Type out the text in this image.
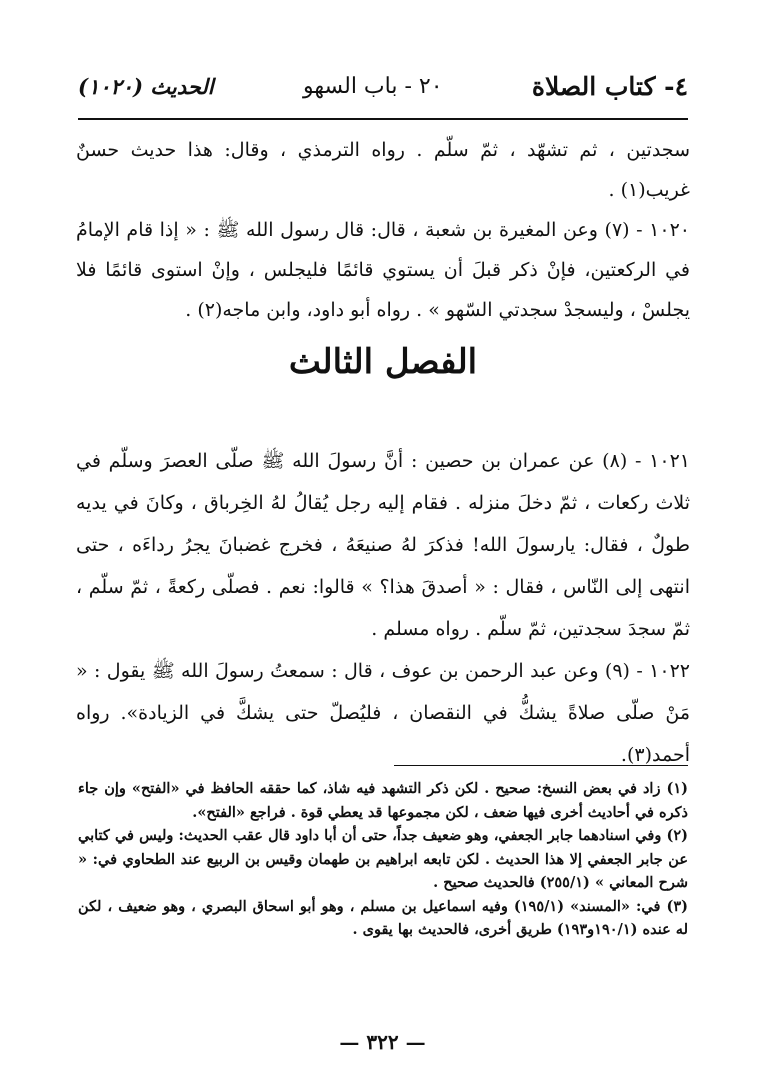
٤- كتاب الصلاة
٢٠ - باب السهو
الحديث (١٠٢٠)

سجدتين ، ثم تشهّد ، ثمّ سلّم . رواه الترمذي ، وقال: هذا حديث حسنٌ غريب(١) .

١٠٢٠ - (٧) وعن المغيرة بن شعبة ، قال: قال رسول الله ﷺ : « إذا قام الإمامُ في الركعتين، فإنْ ذكر قبلَ أن يستوي قائمًا فليجلس ، وإنْ استوى قائمًا فلا يجلسْ ، وليسجدْ سجدتي السّهو » . رواه أبو داود، وابن ماجه(٢) .

الفصل الثالث

١٠٢١ - (٨) عن عمران بن حصين : أنَّ رسولَ الله ﷺ صلّى العصرَ وسلّم في ثلاث ركعات ، ثمّ دخلَ منزله . فقام إليه رجل يُقالُ لهُ الخِرباق ، وكانَ في يديه طولٌ ، فقال: يارسولَ الله! فذكرَ لهُ صنيعَهُ ، فخرج غضبانَ يجرُ رداءَه ، حتى انتهى إلى النّاس ، فقال : « أصدقَ هذا؟ » قالوا: نعم . فصلّى ركعةً ، ثمّ سلّم ، ثمّ سجدَ سجدتين، ثمّ سلّم . رواه مسلم .

١٠٢٢ - (٩) وعن عبد الرحمن بن عوف ، قال : سمعتُ رسولَ الله ﷺ يقول : « مَنْ صلّى صلاةً يشكُّ في النقصان ، فليُصلّ حتى يشكَّ في الزيادة». رواه أحمد(٣).

(١) زاد في بعض النسخ: صحيح . لكن ذكر التشهد فيه شاذ، كما حققه الحافظ في «الفتح» وإن جاء ذكره في أحاديث أخرى فيها ضعف ، لكن مجموعها قد يعطي قوة . فراجع «الفتح».

(٢) وفي اسنادهما جابر الجعفي، وهو ضعيف جداً، حتى أن أبا داود قال عقب الحديث: وليس في كتابي عن جابر الجعفي إلا هذا الحديث . لكن تابعه ابراهيم بن طهمان وقيس بن الربيع عند الطحاوي في: « شرح المعاني » (٢٥٥/١) فالحديث صحيح .

(٣) في: «المسند» (١٩٥/١) وفيه اسماعيل بن مسلم ، وهو أبو اسحاق البصري ، وهو ضعيف ، لكن له عنده (١٩٠/١و١٩٣) طريق أخرى، فالحديث بها يقوى .

— ٣٢٢ —
